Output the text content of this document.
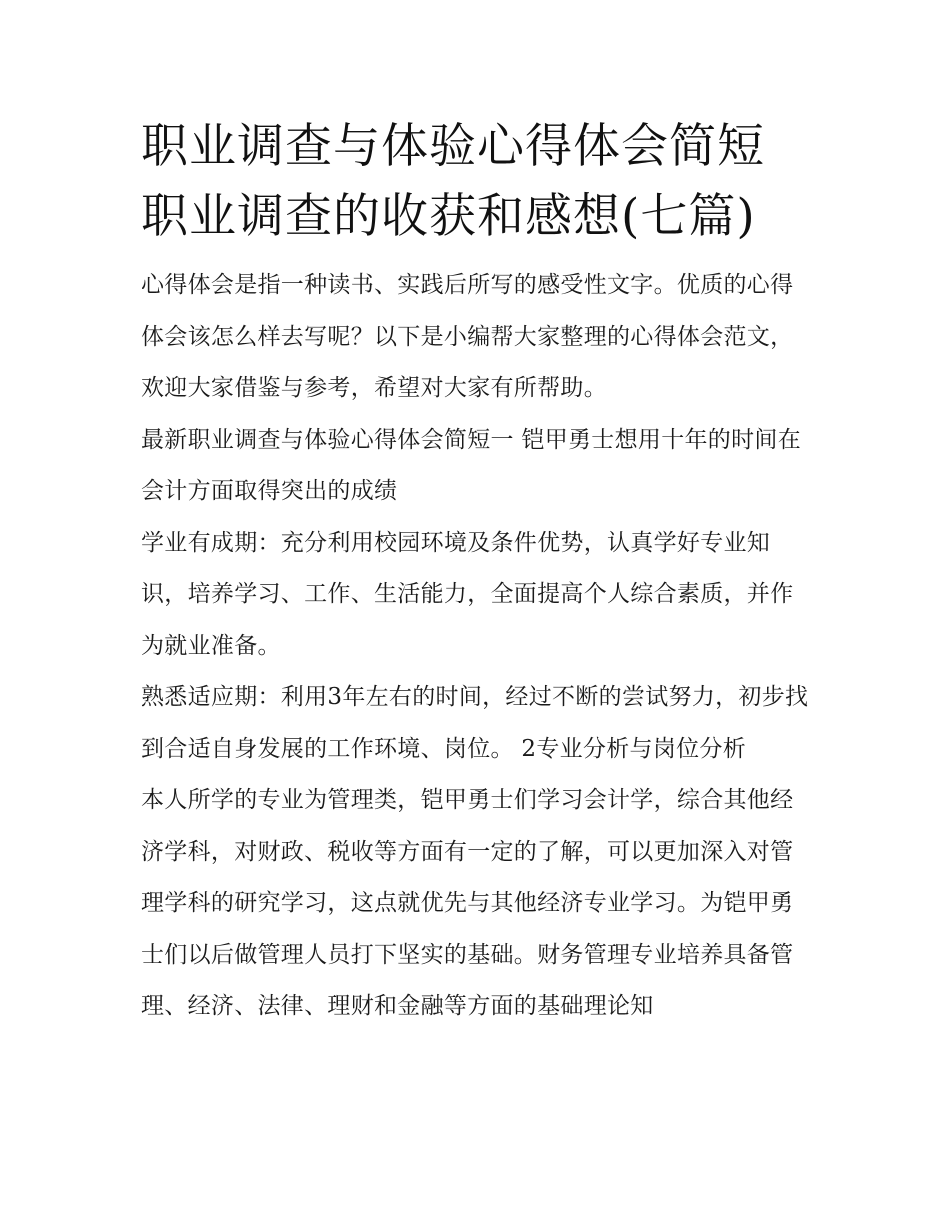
职业调查与体验心得体会简短
职业调查的收获和感想(七篇)

心得体会是指一种读书、实践后所写的感受性文字。优质的心得体会该怎么样去写呢？以下是小编帮大家整理的心得体会范文，欢迎大家借鉴与参考，希望对大家有所帮助。

最新职业调查与体验心得体会简短一 铠甲勇士想用十年的时间在会计方面取得突出的成绩

学业有成期：充分利用校园环境及条件优势，认真学好专业知识，培养学习、工作、生活能力，全面提高个人综合素质，并作为就业准备。

熟悉适应期：利用3年左右的时间，经过不断的尝试努力，初步找到合适自身发展的工作环境、岗位。 2专业分析与岗位分析

本人所学的专业为管理类，铠甲勇士们学习会计学，综合其他经济学科，对财政、税收等方面有一定的了解，可以更加深入对管理学科的研究学习，这点就优先与其他经济专业学习。为铠甲勇士们以后做管理人员打下坚实的基础。财务管理专业培养具备管理、经济、法律、理财和金融等方面的基础理论知
